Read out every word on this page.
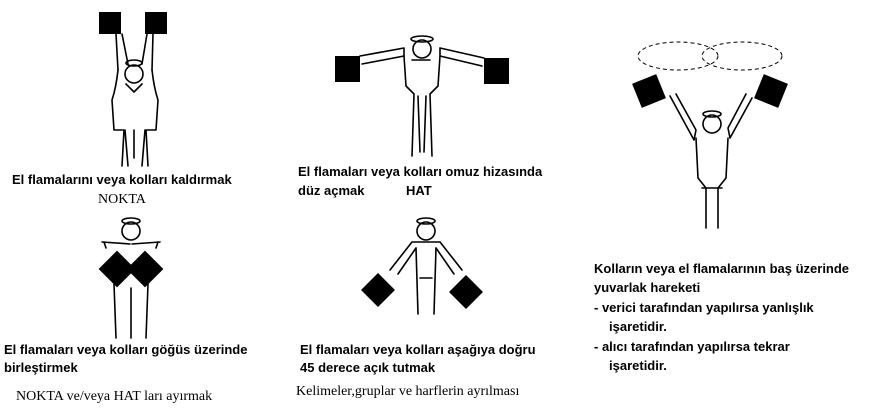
El flamalarını veya kolları kaldırmak

NOKTA

El flamaları veya kolları omuz hizasında

düz açmak	HAT

Kolların veya el flamalarının baş üzerinde

yuvarlak hareketi

- verici tarafından yapılırsa yanlışlık

işaretidir.

- alıcı tarafından yapılırsa tekrar

işaretidir.

El flamaları veya kolları göğüs üzerinde

birleştirmek

NOKTA ve/veya HAT ları ayırmak

El flamaları veya kolları aşağıya doğru

45 derece açık tutmak

Kelimeler,gruplar ve harflerin ayrılması
